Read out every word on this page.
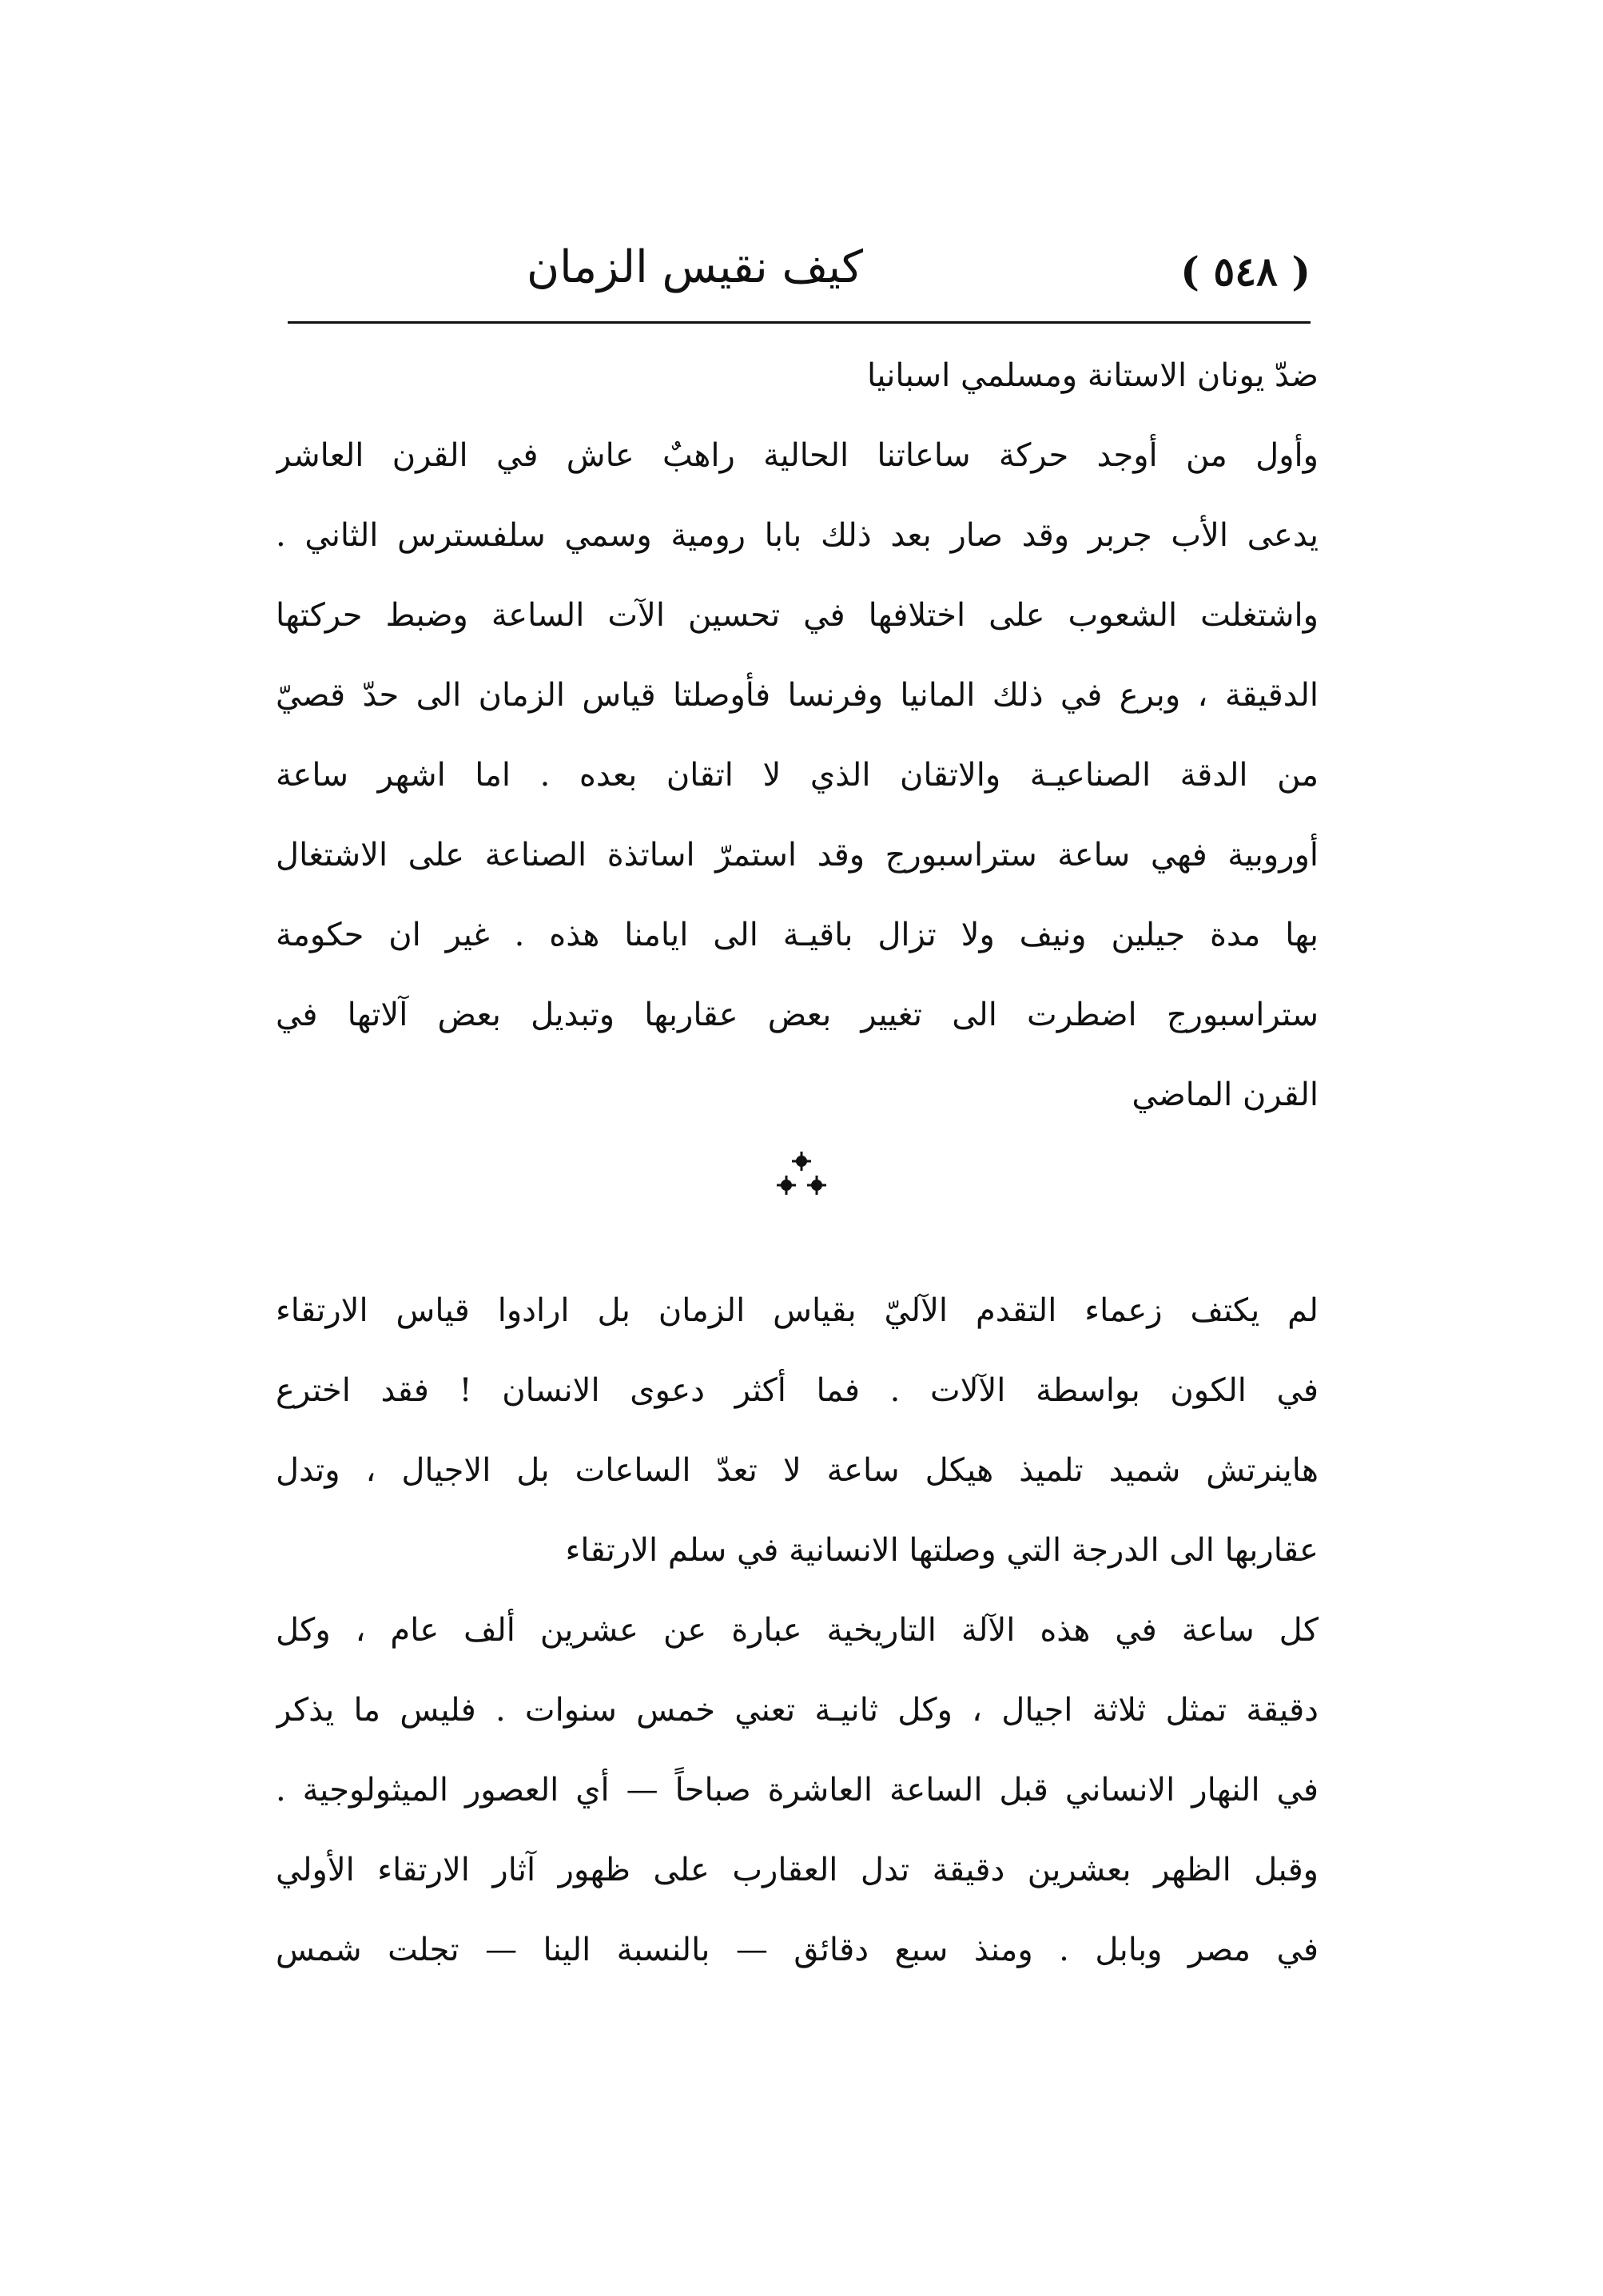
( ٥٤٨ )
كيف نقيس الزمان
ضدّ يونان الاستانة ومسلمي اسبانيا
وأول من أوجد حركة ساعاتنا الحالية راهبٌ عاش في القرن العاشر
يدعى الأب جربر وقد صار بعد ذلك بابا رومية وسمي سلفسترس الثاني .
واشتغلت الشعوب على اختلافها في تحسين الآت الساعة وضبط حركتها
الدقيقة ، وبرع في ذلك المانيا وفرنسا فأوصلتا قياس الزمان الى حدّ قصيّ
من الدقة الصناعيـة والاتقان الذي لا اتقان بعده . اما اشهر ساعة
أوروبية فهي ساعة ستراسبورج وقد استمرّ اساتذة الصناعة على الاشتغال
بها مدة جيلين ونيف ولا تزال باقيـة الى ايامنا هذه . غير ان حكومة
ستراسبورج اضطرت الى تغيير بعض عقاربها وتبديل بعض آلاتها في
القرن الماضي
لم يكتف زعماء التقدم الآليّ بقياس الزمان بل ارادوا قياس الارتقاء
في الكون بواسطة الآلات . فما أكثر دعوى الانسان ! فقد اخترع
هاينرتش شميد تلميذ هيكل ساعة لا تعدّ الساعات بل الاجيال ، وتدل
عقاربها الى الدرجة التي وصلتها الانسانية في سلم الارتقاء
كل ساعة في هذه الآلة التاريخية عبارة عن عشرين ألف عام ، وكل
دقيقة تمثل ثلاثة اجيال ، وكل ثانيـة تعني خمس سنوات . فليس ما يذكر
في النهار الانساني قبل الساعة العاشرة صباحاً — أي العصور الميثولوجية .
وقبل الظهر بعشرين دقيقة تدل العقارب على ظهور آثار الارتقاء الأولي
في مصر وبابل . ومنذ سبع دقائق — بالنسبة الينا — تجلت شمس
